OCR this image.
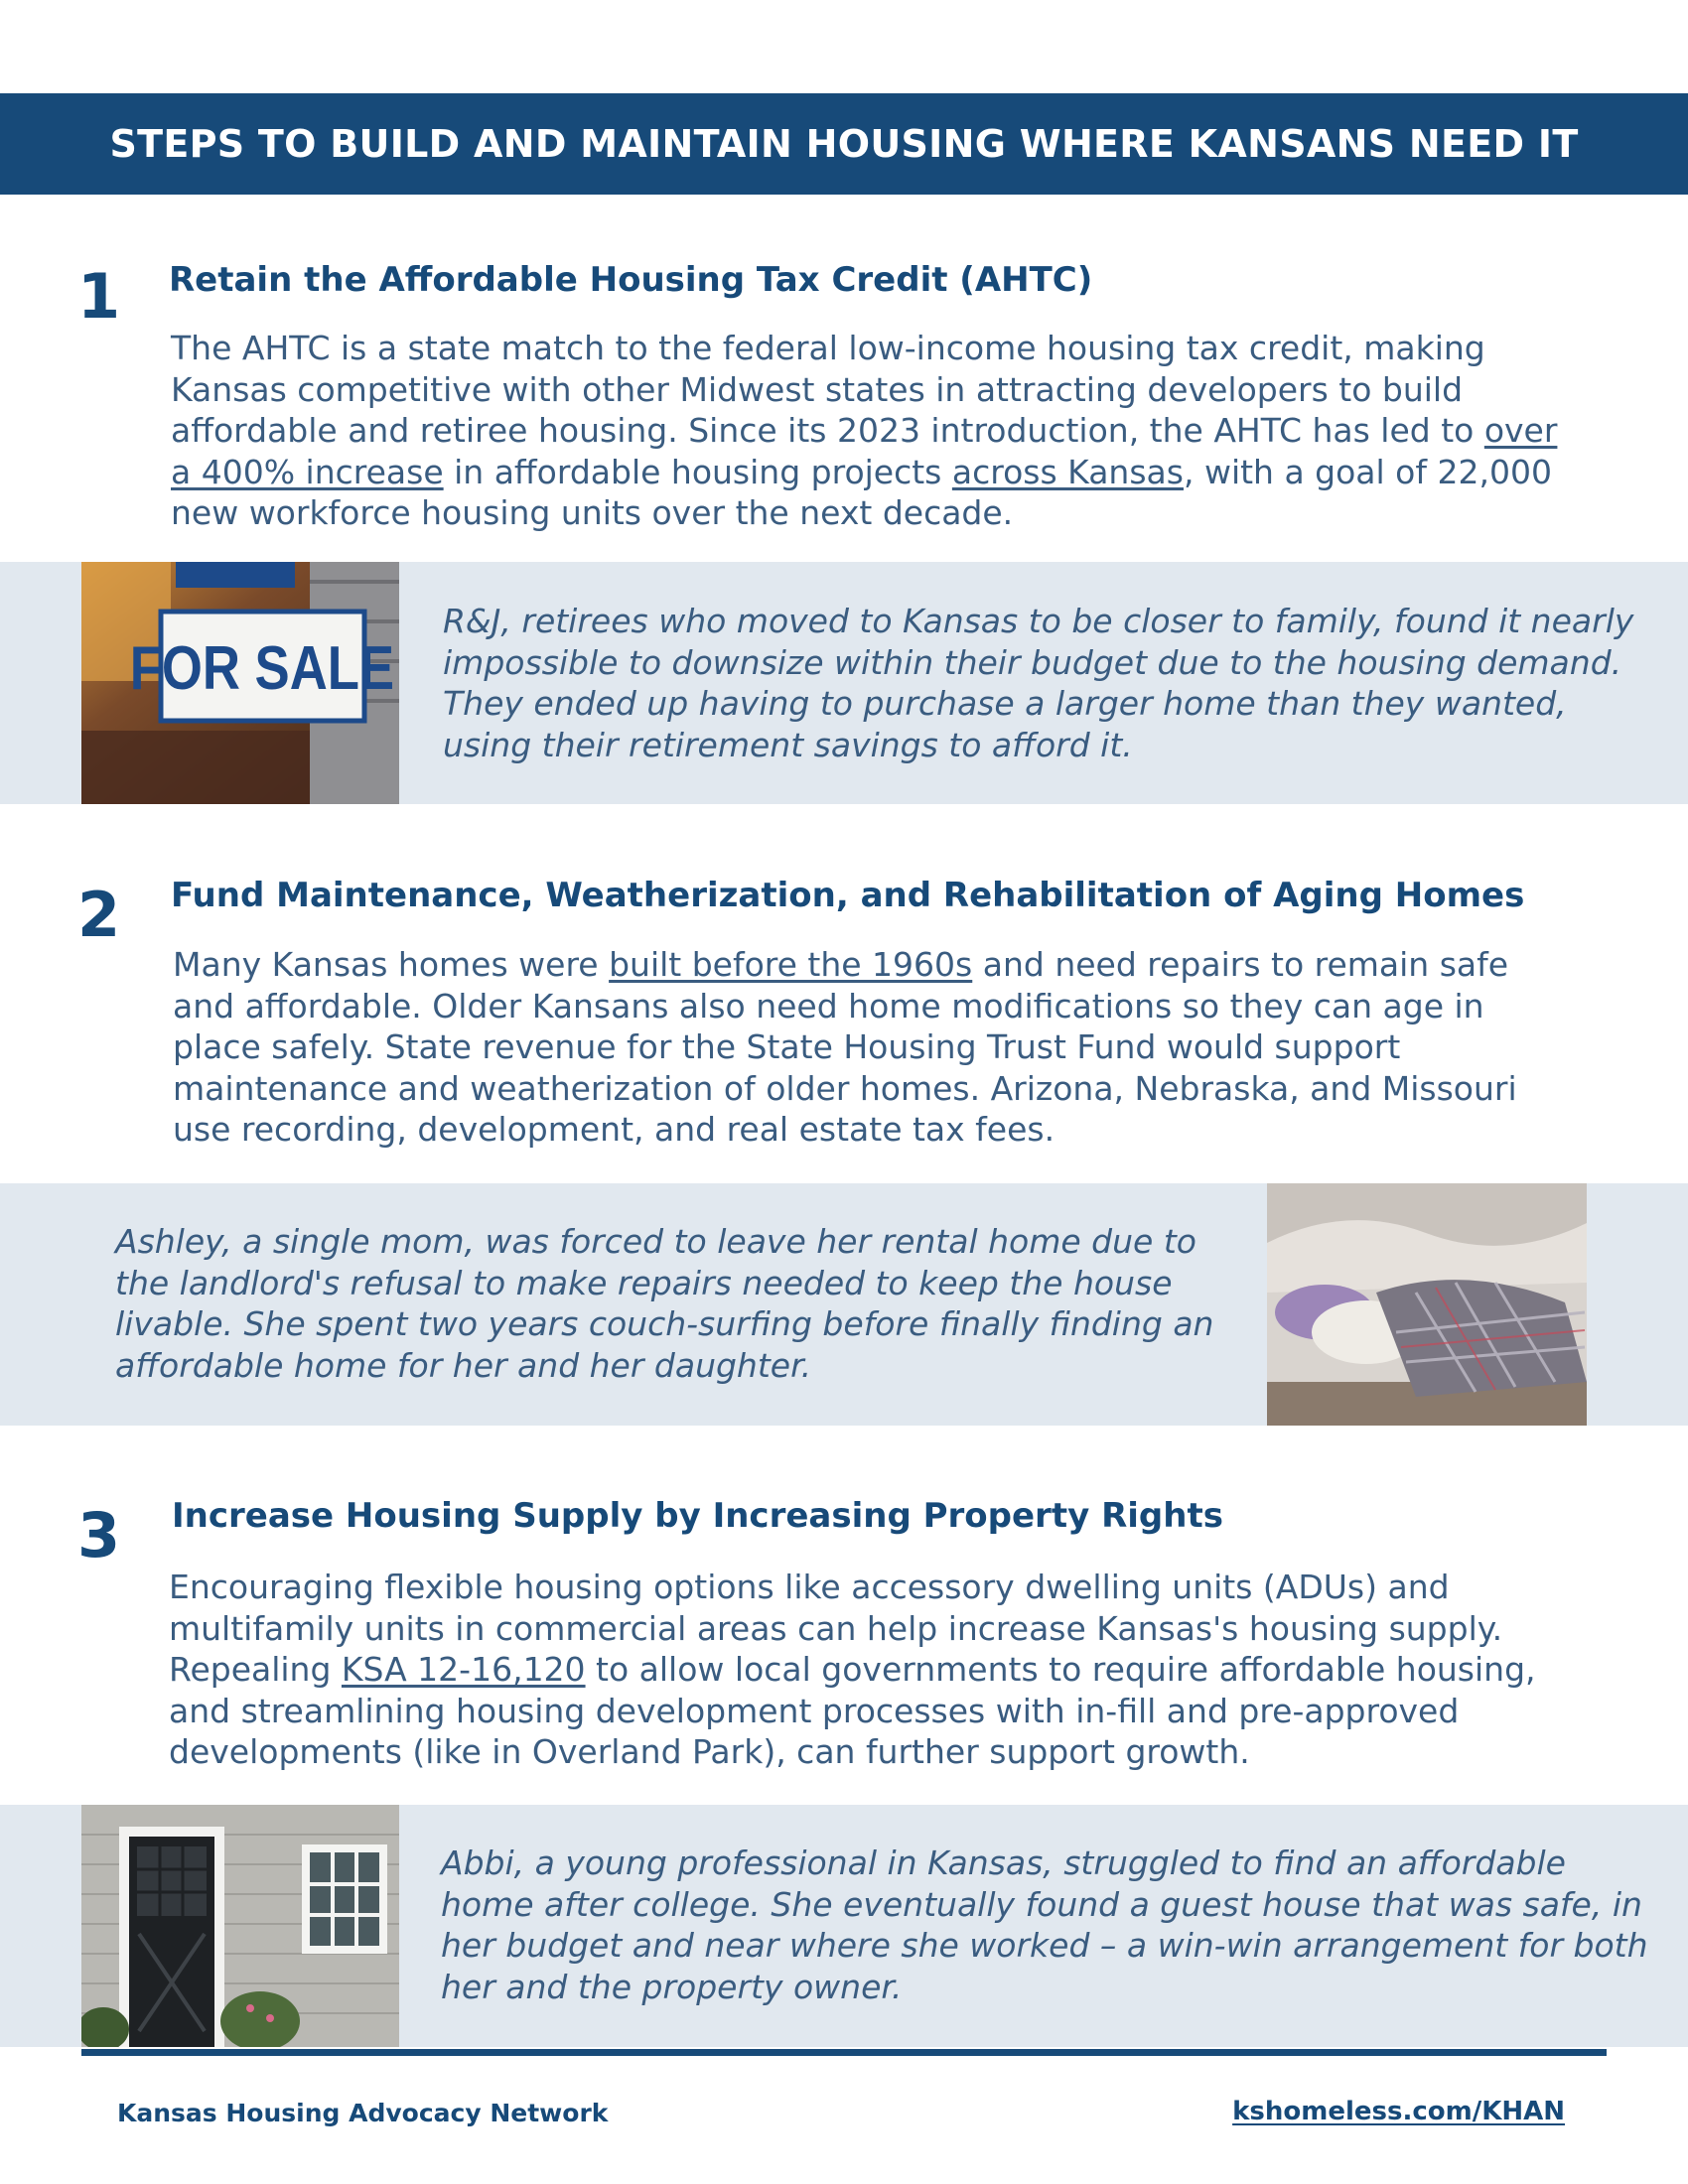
STEPS TO BUILD AND MAINTAIN HOUSING WHERE KANSANS NEED IT
1 Retain the Affordable Housing Tax Credit (AHTC)
The AHTC is a state match to the federal low-income housing tax credit, making Kansas competitive with other Midwest states in attracting developers to build affordable and retiree housing. Since its 2023 introduction, the AHTC has led to over a 400% increase in affordable housing projects across Kansas, with a goal of 22,000 new workforce housing units over the next decade.
FOR SALE
R&J, retirees who moved to Kansas to be closer to family, found it nearly impossible to downsize within their budget due to the housing demand. They ended up having to purchase a larger home than they wanted, using their retirement savings to afford it.
2 Fund Maintenance, Weatherization, and Rehabilitation of Aging Homes
Many Kansas homes were built before the 1960s and need repairs to remain safe and affordable. Older Kansans also need home modifications so they can age in place safely. State revenue for the State Housing Trust Fund would support maintenance and weatherization of older homes. Arizona, Nebraska, and Missouri use recording, development, and real estate tax fees.
Ashley, a single mom, was forced to leave her rental home due to the landlord's refusal to make repairs needed to keep the house livable. She spent two years couch-surfing before finally finding an affordable home for her and her daughter.
3 Increase Housing Supply by Increasing Property Rights
Encouraging flexible housing options like accessory dwelling units (ADUs) and multifamily units in commercial areas can help increase Kansas's housing supply. Repealing KSA 12-16,120 to allow local governments to require affordable housing, and streamlining housing development processes with in-fill and pre-approved developments (like in Overland Park), can further support growth.
Abbi, a young professional in Kansas, struggled to find an affordable home after college. She eventually found a guest house that was safe, in her budget and near where she worked – a win-win arrangement for both her and the property owner.
Kansas Housing Advocacy Network	kshomeless.com/KHAN
